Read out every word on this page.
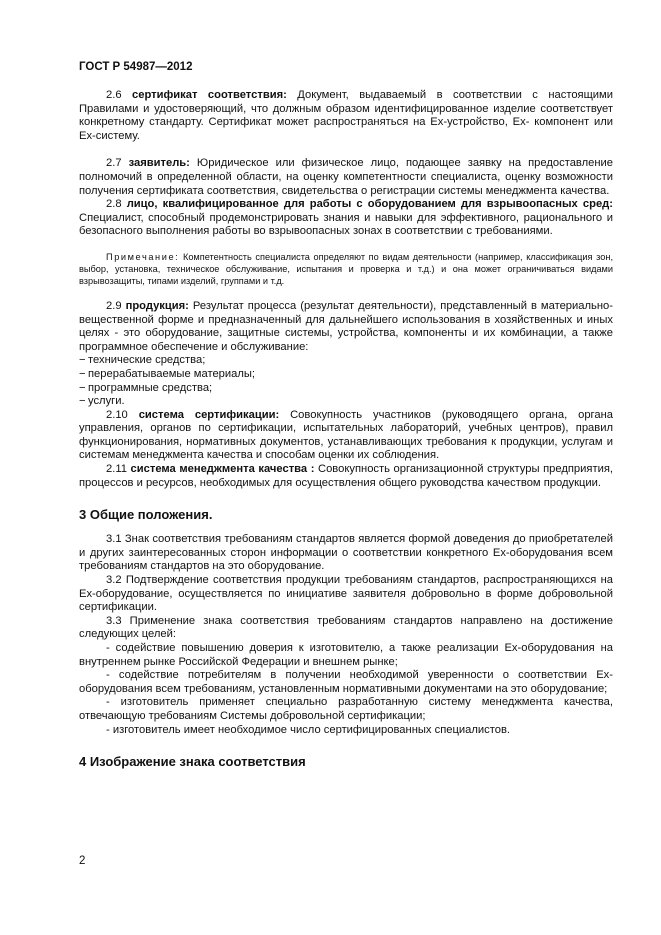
ГОСТ Р 54987—2012

2.6 сертификат соответствия: Документ, выдаваемый в соответствии с настоящими Правилами и удостоверяющий, что должным образом идентифицированное изделие соответствует конкретному стандарту. Сертификат может распространяться на Ех-устройство, Ex- компонент или Ех-систему.

2.7 заявитель: Юридическое или физическое лицо, подающее заявку на предоставление полномочий в определенной области, на оценку компетентности специалиста, оценку возможности получения сертификата соответствия, свидетельства о регистрации системы менеджмента качества.

2.8 лицо, квалифицированное для работы с оборудованием для взрывоопасных сред: Специалист, способный продемонстрировать знания и навыки для эффективного, рационального и безопасного выполнения работы во взрывоопасных зонах в соответствии с требованиями.

Примечание: Компетентность специалиста определяют по видам деятельности (например, классификация зон, выбор, установка, техническое обслуживание, испытания и проверка и т.д.) и она может ограничиваться видами взрывозащиты, типами изделий, группами и т.д.

2.9 продукция: Результат процесса (результат деятельности), представленный в материально-вещественной форме и предназначенный для дальнейшего использования в хозяйственных и иных целях - это оборудование, защитные системы, устройства, компоненты и их комбинации, а также программное обеспечение и обслуживание:

− технические средства;

− перерабатываемые материалы;

− программные средства;

− услуги.

2.10 система сертификации: Совокупность участников (руководящего органа, органа управления, органов по сертификации, испытательных лабораторий, учебных центров), правил функционирования, нормативных документов, устанавливающих требования к продукции, услугам и системам менеджмента качества и способам оценки их соблюдения.

2.11 система менеджмента качества : Совокупность организационной структуры предприятия, процессов и ресурсов, необходимых для осуществления общего руководства качеством продукции.

3 Общие положения.

3.1 Знак соответствия требованиям стандартов является формой доведения до приобретателей и других заинтересованных сторон информации о соответствии конкретного Ex-оборудования всем требованиям стандартов на это оборудование.

3.2 Подтверждение соответствия продукции требованиям стандартов, распространяющихся на Ех-оборудование, осуществляется по инициативе заявителя добровольно в форме добровольной сертификации.

3.3 Применение знака соответствия требованиям стандартов направлено на достижение следующих целей:

- содействие повышению доверия к изготовителю, а также реализации Ех-оборудования на внутреннем рынке Российской Федерации и внешнем рынке;

- содействие потребителям в получении необходимой уверенности о соответствии Ех-оборудования всем требованиям, установленным нормативными документами на это оборудование;

- изготовитель применяет специально разработанную систему менеджмента качества, отвечающую требованиям Системы добровольной сертификации;

- изготовитель имеет необходимое число сертифицированных специалистов.

4 Изображение знака соответствия

2
